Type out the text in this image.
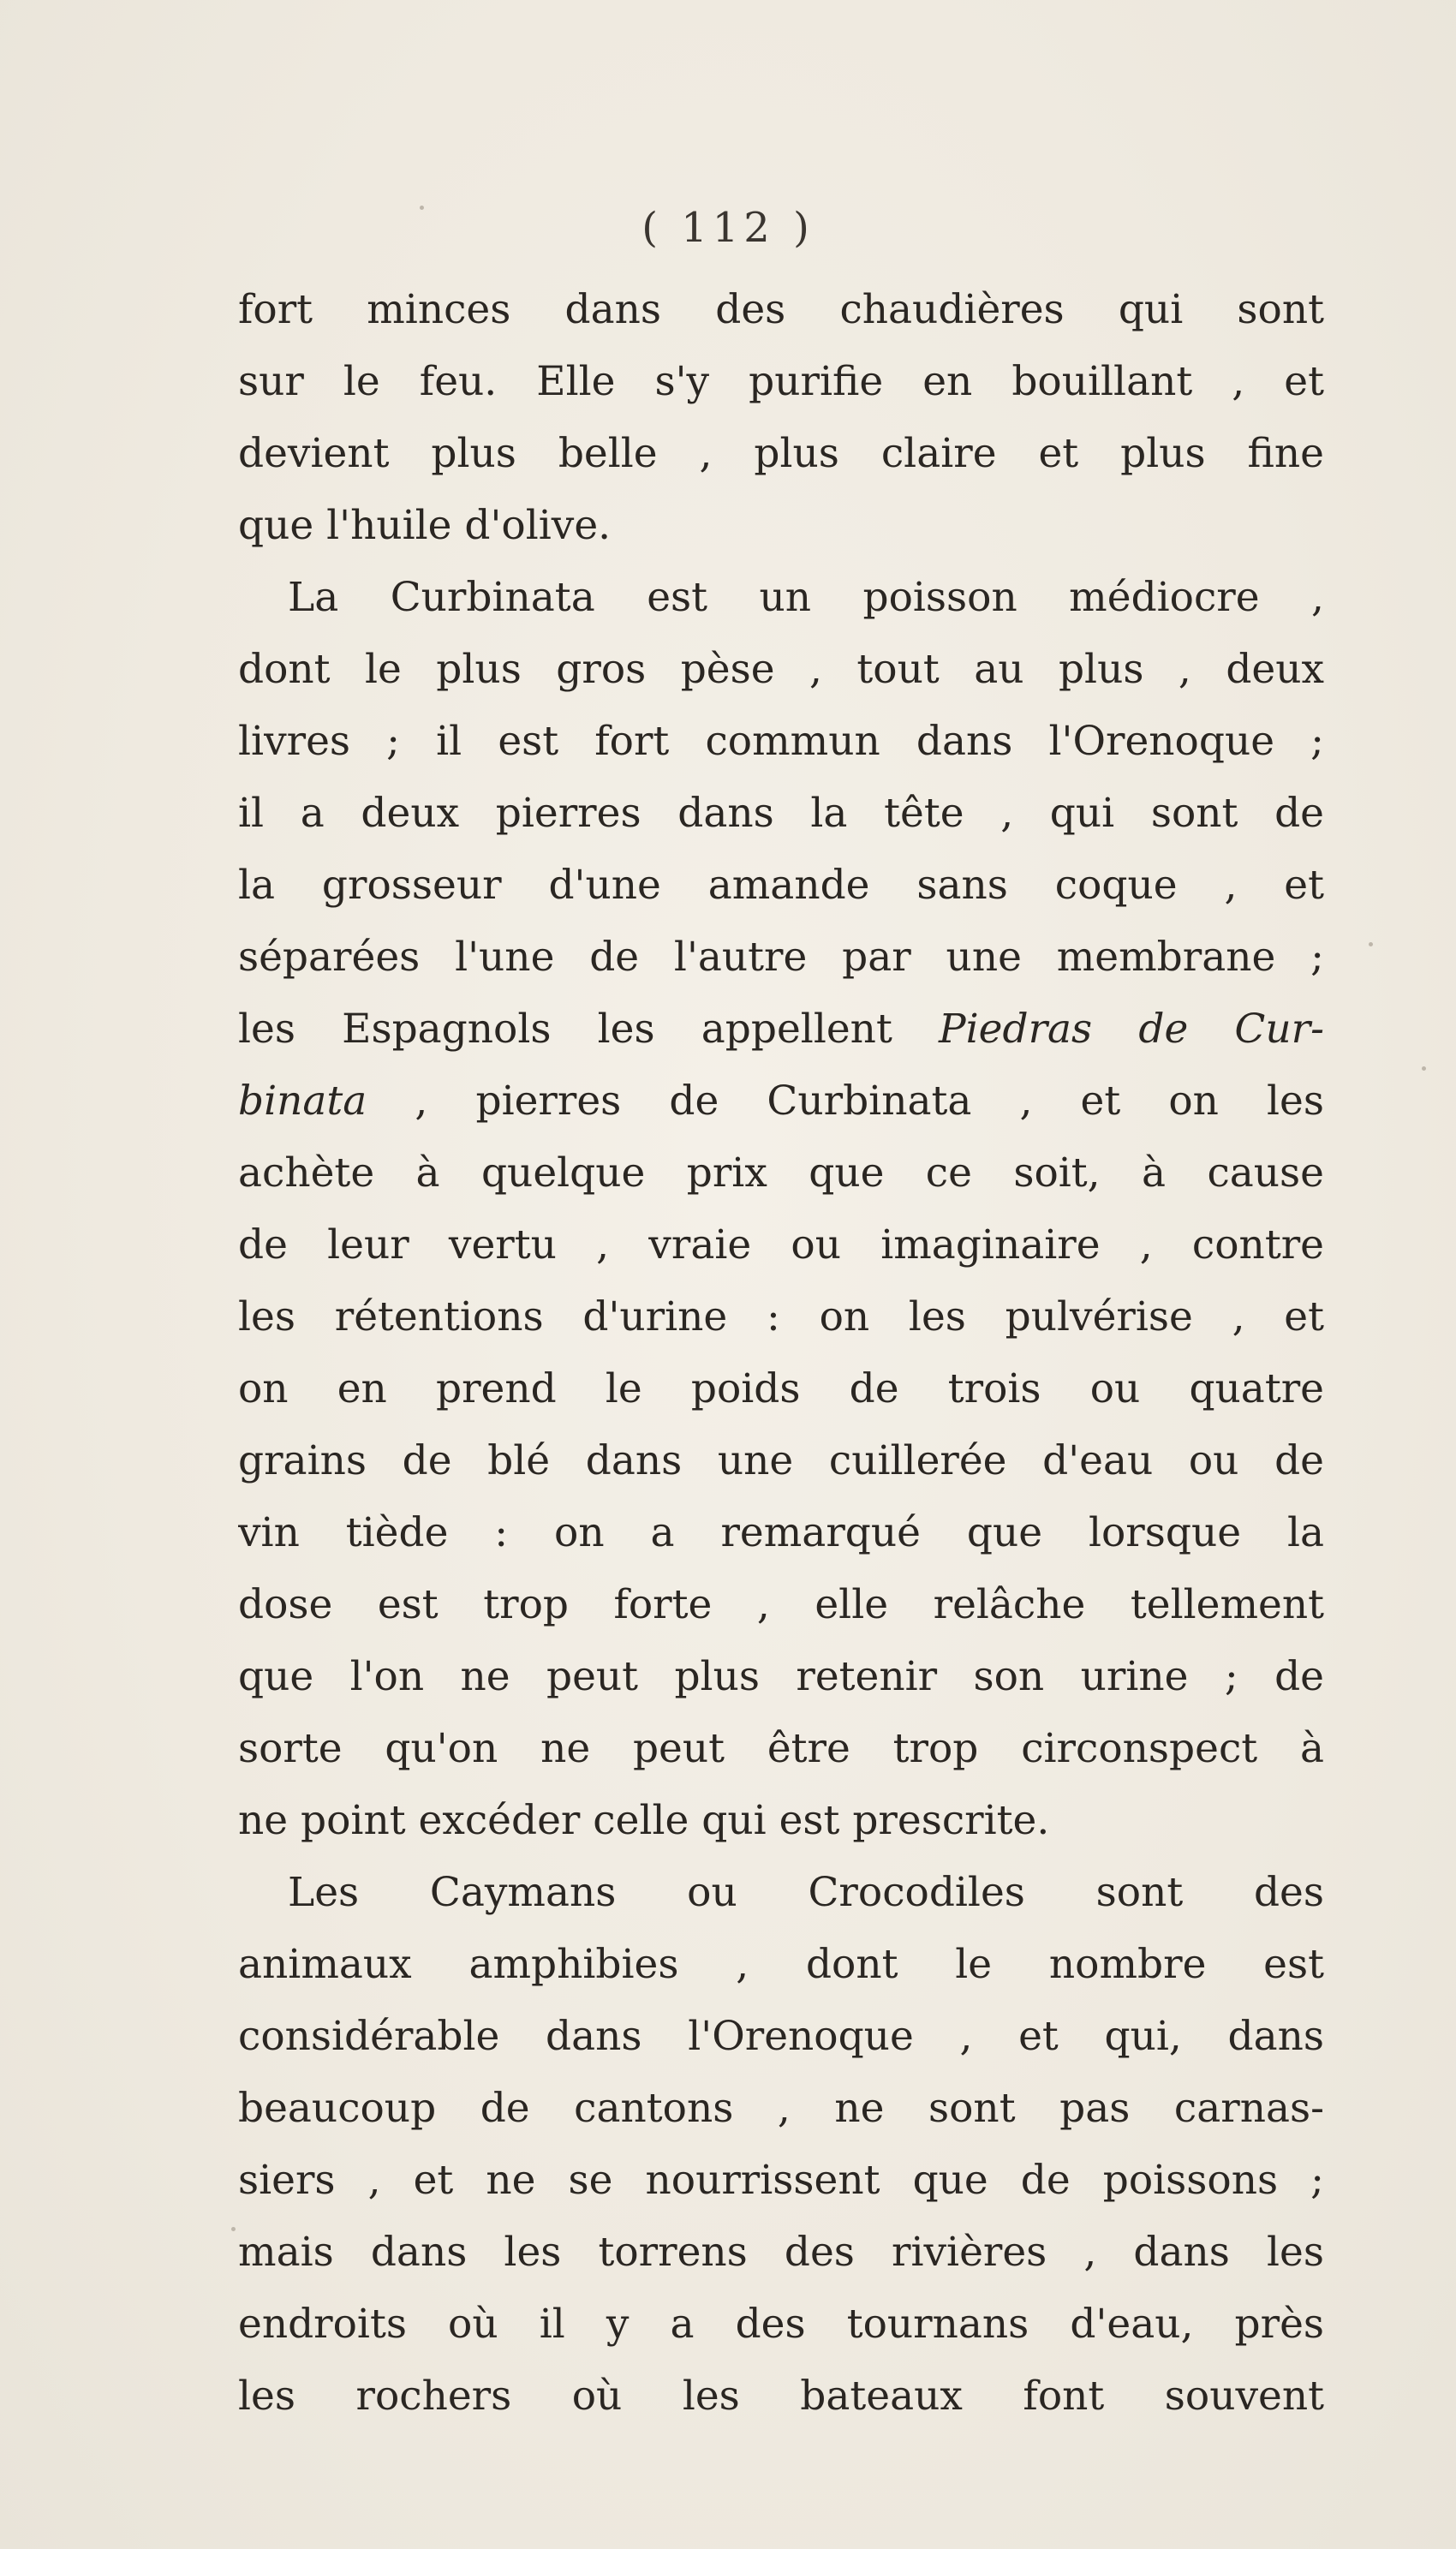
( 112 )
fort minces dans des chaudières qui sont
sur le feu. Elle s'y purifie en bouillant , et
devient plus belle , plus claire et plus fine
que l'huile d'olive.
La Curbinata est un poisson médiocre ,
dont le plus gros pèse , tout au plus , deux
livres ; il est fort commun dans l'Orenoque ;
il a deux pierres dans la tête , qui sont de
la grosseur d'une amande sans coque , et
séparées l'une de l'autre par une membrane ;
les Espagnols les appellent Piedras de Cur-
binata , pierres de Curbinata , et on les
achète à quelque prix que ce soit, à cause
de leur vertu , vraie ou imaginaire , contre
les rétentions d'urine : on les pulvérise , et
on en prend le poids de trois ou quatre
grains de blé dans une cuillerée d'eau ou de
vin tiède : on a remarqué que lorsque la
dose est trop forte , elle relâche tellement
que l'on ne peut plus retenir son urine ; de
sorte qu'on ne peut être trop circonspect à
ne point excéder celle qui est prescrite.
Les Caymans ou Crocodiles sont des
animaux amphibies , dont le nombre est
considérable dans l'Orenoque , et qui, dans
beaucoup de cantons , ne sont pas carnas-
siers , et ne se nourrissent que de poissons ;
mais dans les torrens des rivières , dans les
endroits où il y a des tournans d'eau, près
les rochers où les bateaux font souvent
